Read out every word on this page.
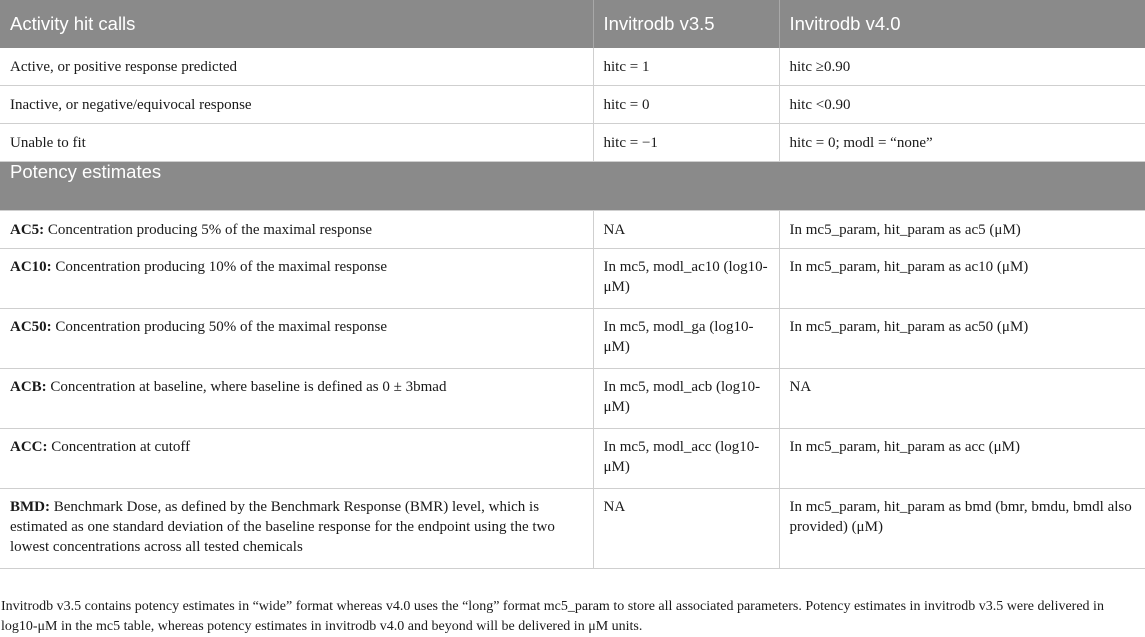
Activity hit calls	Invitrodb v3.5	Invitrodb v4.0
Active, or positive response predicted	hitc = 1	hitc ≥0.90
Inactive, or negative/equivocal response	hitc = 0	hitc <0.90
Unable to fit	hitc = −1	hitc = 0; modl = “none”
Potency estimates		
AC5: Concentration producing 5% of the maximal response	NA	In mc5_param, hit_param as ac5 (μM)
AC10: Concentration producing 10% of the maximal response	In mc5, modl_ac10 (log10-μM)	In mc5_param, hit_param as ac10 (μM)
AC50: Concentration producing 50% of the maximal response	In mc5, modl_ga (log10-μM)	In mc5_param, hit_param as ac50 (μM)
ACB: Concentration at baseline, where baseline is defined as 0 ± 3bmad	In mc5, modl_acb (log10-μM)	NA
ACC: Concentration at cutoff	In mc5, modl_acc (log10-μM)	In mc5_param, hit_param as acc (μM)
BMD: Benchmark Dose, as defined by the Benchmark Response (BMR) level, which is estimated as one standard deviation of the baseline response for the endpoint using the two lowest concentrations across all tested chemicals	NA	In mc5_param, hit_param as bmd (bmr, bmdu, bmdl also provided) (μM)

Invitrodb v3.5 contains potency estimates in “wide” format whereas v4.0 uses the “long” format mc5_param to store all associated parameters. Potency estimates in invitrodb v3.5 were delivered in log10-μM in the mc5 table, whereas potency estimates in invitrodb v4.0 and beyond will be delivered in μM units.
